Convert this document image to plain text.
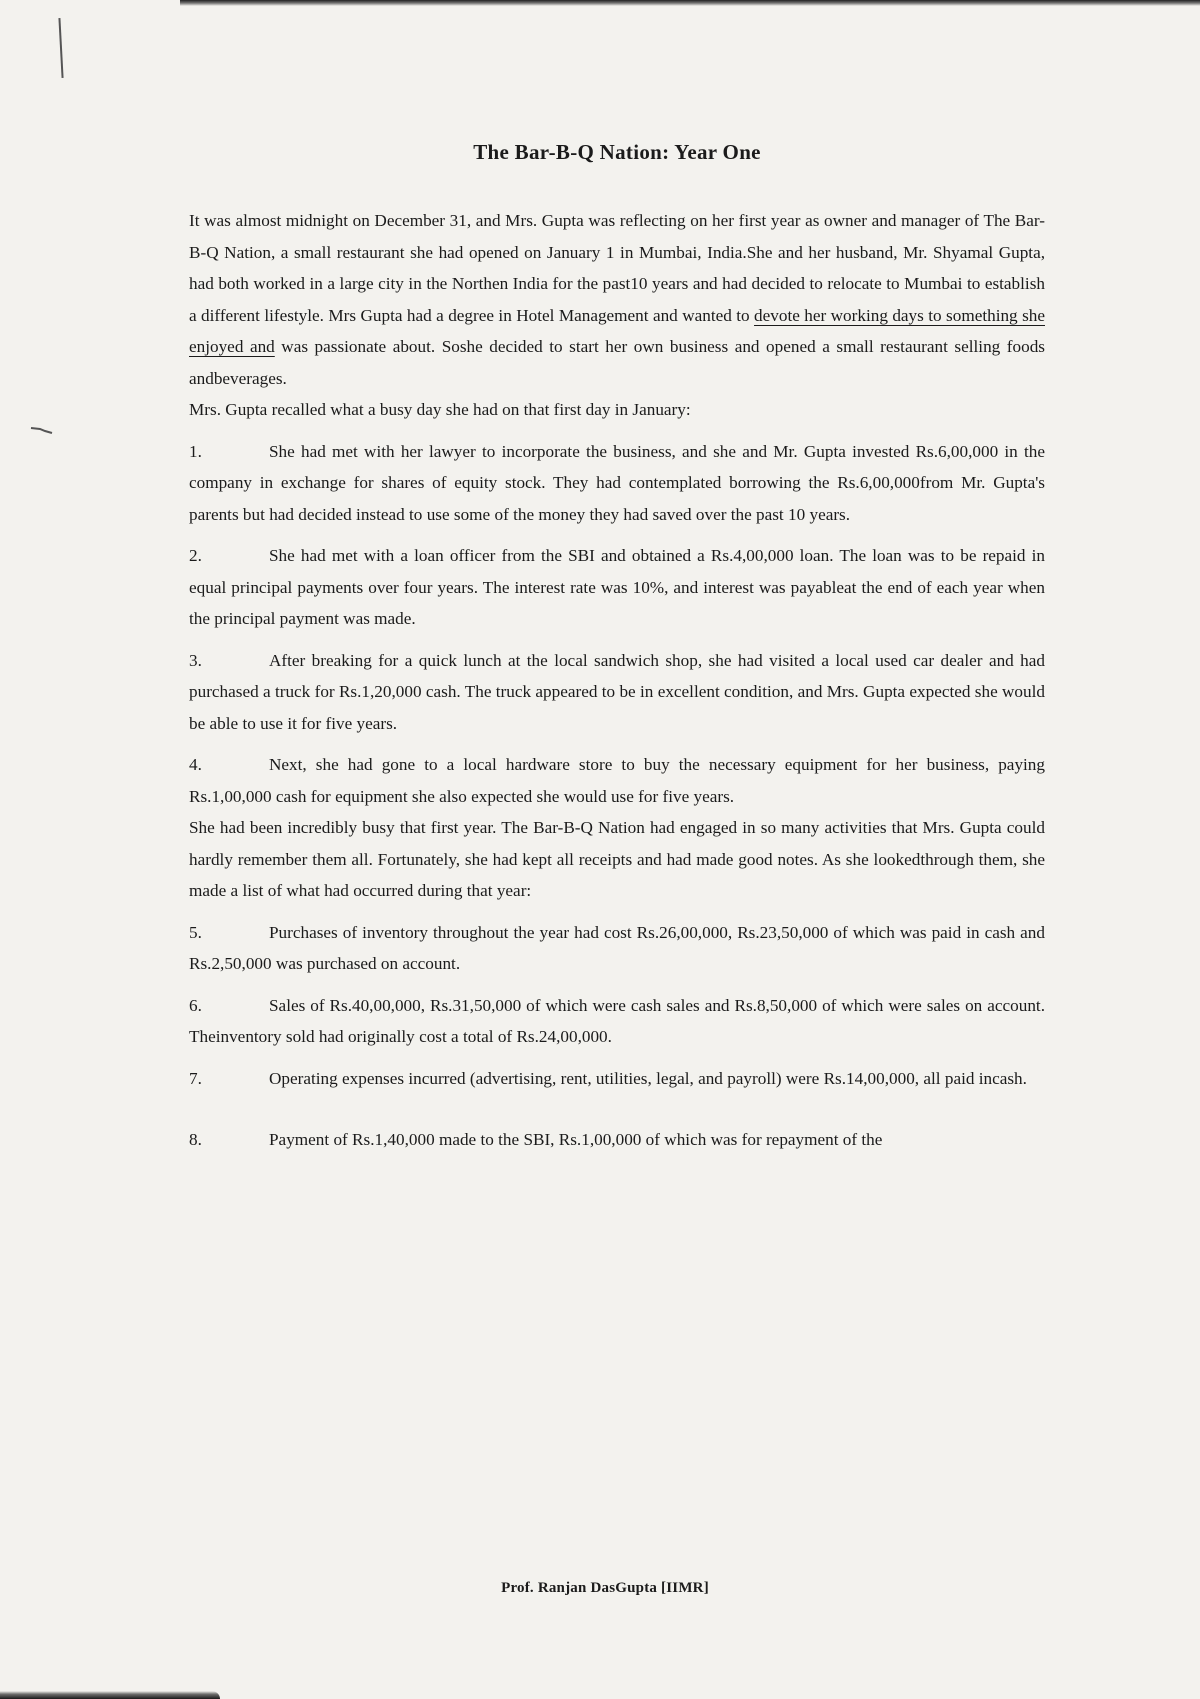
The Bar-B-Q Nation: Year One

It was almost midnight on December 31, and Mrs. Gupta was reflecting on her first year as owner and manager of The Bar-B-Q Nation, a small restaurant she had opened on January 1 in Mumbai, India.She and her husband, Mr. Shyamal Gupta, had both worked in a large city in the Northen India for the past10 years and had decided to relocate to Mumbai to establish a different lifestyle. Mrs Gupta had a degree in Hotel Management and wanted to devote her working days to something she enjoyed and was passionate about. Soshe decided to start her own business and opened a small restaurant selling foods andbeverages.

Mrs. Gupta recalled what a busy day she had on that first day in January:

1.	She had met with her lawyer to incorporate the business, and she and Mr. Gupta invested Rs.6,00,000 in the company in exchange for shares of equity stock. They had contemplated borrowing the Rs.6,00,000from Mr. Gupta's parents but had decided instead to use some of the money they had saved over the past 10 years.

2.	She had met with a loan officer from the SBI and obtained a Rs.4,00,000 loan. The loan was to be repaid in equal principal payments over four years. The interest rate was 10%, and interest was payableat the end of each year when the principal payment was made.

3.	After breaking for a quick lunch at the local sandwich shop, she had visited a local used car dealer and had purchased a truck for Rs.1,20,000 cash. The truck appeared to be in excellent condition, and Mrs. Gupta expected she would be able to use it for five years.

4.	Next, she had gone to a local hardware store to buy the necessary equipment for her business, paying Rs.1,00,000 cash for equipment she also expected she would use for five years.

She had been incredibly busy that first year. The Bar-B-Q Nation had engaged in so many activities that Mrs. Gupta could hardly remember them all. Fortunately, she had kept all receipts and had made good notes. As she lookedthrough them, she made a list of what had occurred during that year:

5.	Purchases of inventory throughout the year had cost Rs.26,00,000, Rs.23,50,000 of which was paid in cash and Rs.2,50,000 was purchased on account.

6.	Sales of Rs.40,00,000, Rs.31,50,000 of which were cash sales and Rs.8,50,000 of which were sales on account. Theinventory sold had originally cost a total of Rs.24,00,000.

7.	Operating expenses incurred (advertising, rent, utilities, legal, and payroll) were Rs.14,00,000, all paid incash.

8.	Payment of Rs.1,40,000 made to the SBI, Rs.1,00,000 of which was for repayment of the

Prof. Ranjan DasGupta [IIMR]
